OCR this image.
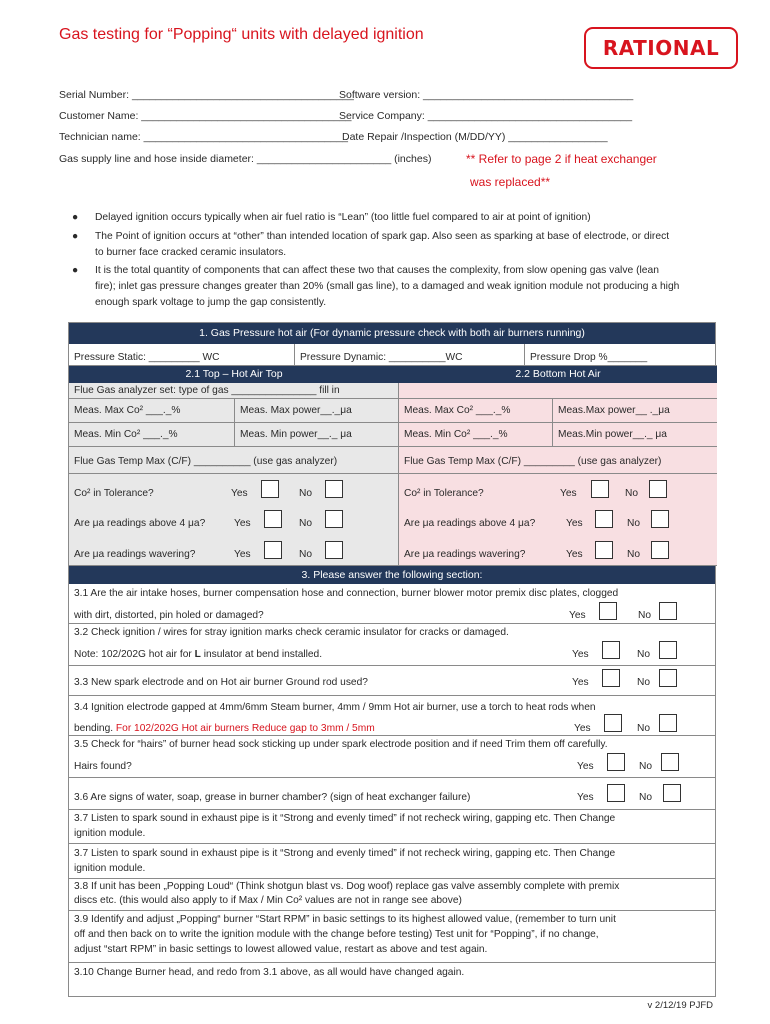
Gas testing for “Popping“ units with delayed ignition
RATIONAL
Serial Number: ______________________________________
Software version: ____________________________________
Customer Name: ____________________________________
Service Company: ___________________________________
Technician name: ___________________________________
Date Repair /Inspection (M/DD/YY) _________________
Gas supply line and hose inside diameter: _______________________ (inches)	** Refer to page 2 if heat exchanger
was replaced**
● Delayed ignition occurs typically when air fuel ratio is “Lean” (too little fuel compared to air at point of ignition)
● The Point of ignition occurs at “other” than intended location of spark gap. Also seen as sparking at base of electrode, or direct to burner face cracked ceramic insulators.
● It is the total quantity of components that can affect these two that causes the complexity, from slow opening gas valve (lean fire); inlet gas pressure changes greater than 20% (small gas line), to a damaged and weak ignition module not producing a high enough spark voltage to jump the gap consistently.
1. Gas Pressure hot air (For dynamic pressure check with both air burners running)
Pressure Static: _________ WC	Pressure Dynamic: __________WC	Pressure Drop %_______
2.1 Top – Hot Air Top	2.2 Bottom Hot Air
Flue Gas analyzer set: type of gas _______________ fill in
Meas. Max Co² ___._%	Meas. Max power__._μa	Meas. Max Co² ___._%	Meas.Max power__ ._μa
Meas. Min Co² ___._%	Meas. Min power__._ μa	Meas. Min Co² ___._%	Meas.Min power__._ μa
Flue Gas Temp Max (C/F) __________ (use gas analyzer)	Flue Gas Temp Max (C/F) _________ (use gas analyzer)
Co² in Tolerance?	Yes	No
Are μa readings above 4 μa?	Yes	No
Are μa readings wavering?	Yes	No
Co² in Tolerance?	Yes	No
Are μa readings above 4 μa?	Yes	No
Are μa readings wavering?	Yes	No
3. Please answer the following section:
3.1 Are the air intake hoses, burner compensation hose and connection, burner blower motor premix disc plates, clogged
with dirt, distorted, pin holed or damaged?	Yes	No
3.2 Check ignition / wires for stray ignition marks check ceramic insulator for cracks or damaged.
Note: 102/202G hot air for L insulator at bend installed.	Yes	No
3.3 New spark electrode and on Hot air burner Ground rod used?	Yes	No
3.4 Ignition electrode gapped at 4mm/6mm Steam burner, 4mm / 9mm Hot air burner, use a torch to heat rods when
bending. For 102/202G Hot air burners Reduce gap to 3mm / 5mm	Yes	No
3.5 Check for “hairs” of burner head sock sticking up under spark electrode position and if need Trim them off carefully.
Hairs found?	Yes	No
3.6 Are signs of water, soap, grease in burner chamber? (sign of heat exchanger failure)	Yes	No
3.7 Listen to spark sound in exhaust pipe is it “Strong and evenly timed” if not recheck wiring, gapping etc. Then Change
ignition module.
3.7 Listen to spark sound in exhaust pipe is it “Strong and evenly timed” if not recheck wiring, gapping etc. Then Change
ignition module.
3.8 If unit has been „Popping Loud“ (Think shotgun blast vs. Dog woof) replace gas valve assembly complete with premix
discs etc. (this would also apply to if Max / Min Co² values are not in range see above)
3.9 Identify and adjust „Popping“ burner “Start RPM” in basic settings to its highest allowed value, (remember to turn unit
off and then back on to write the ignition module with the change before testing) Test unit for “Popping”, if no change,
adjust “start RPM” in basic settings to lowest allowed value, restart as above and test again.
3.10 Change Burner head, and redo from 3.1 above, as all would have changed again.
v 2/12/19 PJFD
